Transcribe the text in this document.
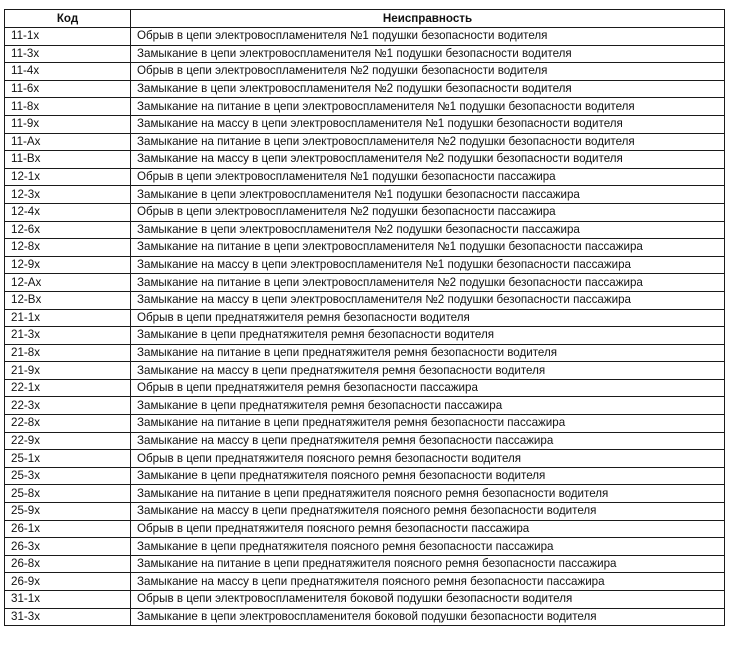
Код	Неисправность
11-1x	Обрыв в цепи электровоспламенителя №1 подушки безопасности водителя
11-3x	Замыкание в цепи электровоспламенителя №1 подушки безопасности водителя
11-4x	Обрыв в цепи электровоспламенителя №2 подушки безопасности водителя
11-6x	Замыкание в цепи электровоспламенителя №2 подушки безопасности водителя
11-8x	Замыкание на питание в цепи электровоспламенителя №1 подушки безопасности водителя
11-9x	Замыкание на массу в цепи электровоспламенителя №1 подушки безопасности водителя
11-Ax	Замыкание на питание в цепи электровоспламенителя №2 подушки безопасности водителя
11-Bx	Замыкание на массу в цепи электровоспламенителя №2 подушки безопасности водителя
12-1x	Обрыв в цепи электровоспламенителя №1 подушки безопасности пассажира
12-3x	Замыкание в цепи электровоспламенителя №1 подушки безопасности пассажира
12-4x	Обрыв в цепи электровоспламенителя №2 подушки безопасности пассажира
12-6x	Замыкание в цепи электровоспламенителя №2 подушки безопасности пассажира
12-8x	Замыкание на питание в цепи электровоспламенителя №1 подушки безопасности пассажира
12-9x	Замыкание на массу в цепи электровоспламенителя №1 подушки безопасности пассажира
12-Ax	Замыкание на питание в цепи электровоспламенителя №2 подушки безопасности пассажира
12-Bx	Замыкание на массу в цепи электровоспламенителя №2 подушки безопасности пассажира
21-1x	Обрыв в цепи преднатяжителя ремня безопасности водителя
21-3x	Замыкание в цепи преднатяжителя ремня безопасности водителя
21-8x	Замыкание на питание в цепи преднатяжителя ремня безопасности водителя
21-9x	Замыкание на массу в цепи преднатяжителя ремня безопасности водителя
22-1x	Обрыв в цепи преднатяжителя ремня безопасности пассажира
22-3x	Замыкание в цепи преднатяжителя ремня безопасности пассажира
22-8x	Замыкание на питание в цепи преднатяжителя ремня безопасности пассажира
22-9x	Замыкание на массу в цепи преднатяжителя ремня безопасности пассажира
25-1x	Обрыв в цепи преднатяжителя поясного ремня безопасности водителя
25-3x	Замыкание в цепи преднатяжителя поясного ремня безопасности водителя
25-8x	Замыкание на питание в цепи преднатяжителя поясного ремня безопасности водителя
25-9x	Замыкание на массу в цепи преднатяжителя поясного ремня безопасности водителя
26-1x	Обрыв в цепи преднатяжителя поясного ремня безопасности пассажира
26-3x	Замыкание в цепи преднатяжителя поясного ремня безопасности пассажира
26-8x	Замыкание на питание в цепи преднатяжителя поясного ремня безопасности пассажира
26-9x	Замыкание на массу в цепи преднатяжителя поясного ремня безопасности пассажира
31-1x	Обрыв в цепи электровоспламенителя боковой подушки безопасности водителя
31-3x	Замыкание в цепи электровоспламенителя боковой подушки безопасности водителя
